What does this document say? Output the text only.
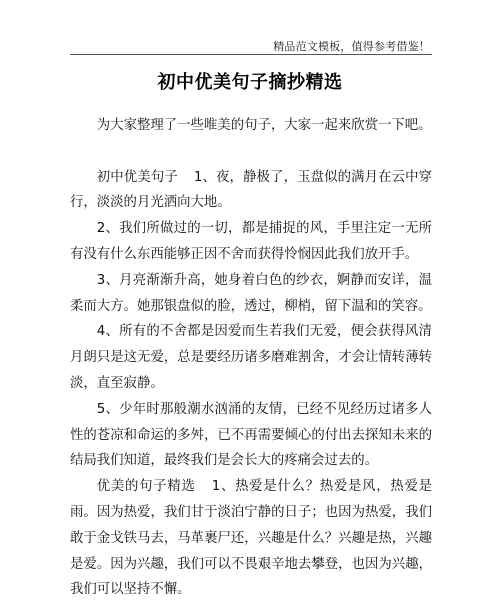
精品范文模板，值得参考借鉴！
初中优美句子摘抄精选

为大家整理了一些唯美的句子，大家一起来欣赏一下吧。

初中优美句子 1、夜，静极了，玉盘似的满月在云中穿行，淡淡的月光洒向大地。

2、我们所做过的一切，都是捕捉的风，手里注定一无所有没有什么东西能够正因不舍而获得怜悯因此我们放开手。

3、月亮渐渐升高，她身着白色的纱衣，婀静而安详，温柔而大方。她那银盘似的脸，透过，柳梢，留下温和的笑容。

4、所有的不舍都是因爱而生若我们无爱，便会获得风清月朗只是这无爱，总是要经历诸多磨难割舍，才会让情转薄转淡，直至寂静。

5、少年时那般潮水汹涌的友情，已经不见经历过诸多人性的苍凉和命运的多舛，已不再需要倾心的付出去探知未来的结局我们知道，最终我们是会长大的疼痛会过去的。

优美的句子精选 1、热爱是什么？热爱是风，热爱是雨。因为热爱，我们甘于淡泊宁静的日子；也因为热爱，我们敢于金戈铁马去，马革裹尸还，兴趣是什么？兴趣是热，兴趣是爱。因为兴趣，我们可以不畏艰辛地去攀登，也因为兴趣，我们可以坚持不懈。
